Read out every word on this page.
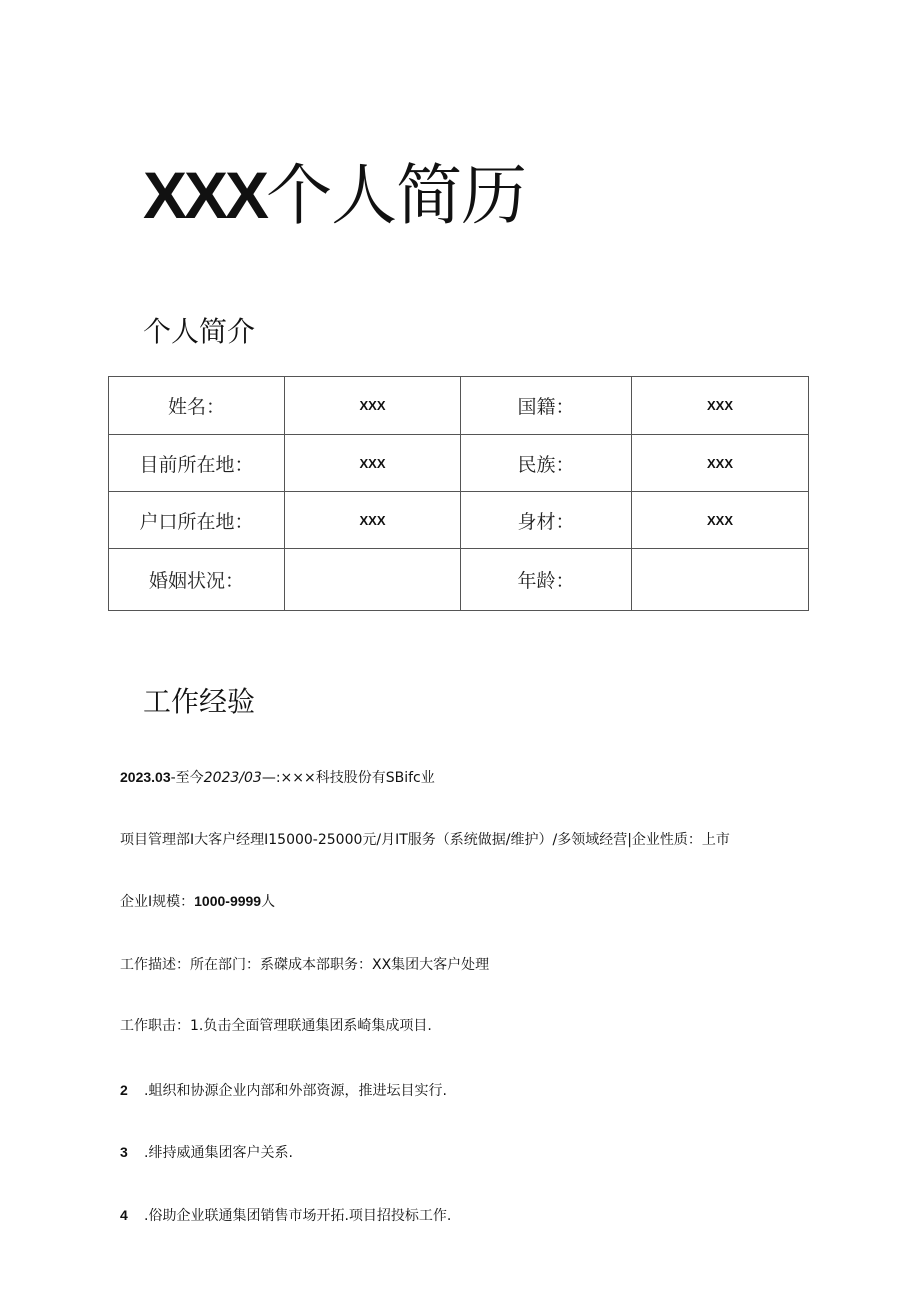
XXX个人简历
个人简介
姓名：	XXX	国籍：	XXX
目前所在地：	XXX	民族：	XXX
户口所在地：	XXX	身材：	XXX
婚姻状况：		年龄：	
工作经验
2023.03-至今2023/03—:×××科技股份有SBifc业
项目管理部I大客户经理I15000-25000元/月IT服务（系统做据/维护）/多领域经营|企业性质：上市
企业I规模：1000-9999人
工作描述：所在部门：系磔成本部职务：XX集团大客户处理
工作职击：1.负击全面管理联通集团系崎集成项目.
2 .蛆织和协源企业内部和外部资源，推进坛目实行.
3 .绯持威通集团客户关系.
4 .俗助企业联通集团销售市场开拓.项目招投标工作.
